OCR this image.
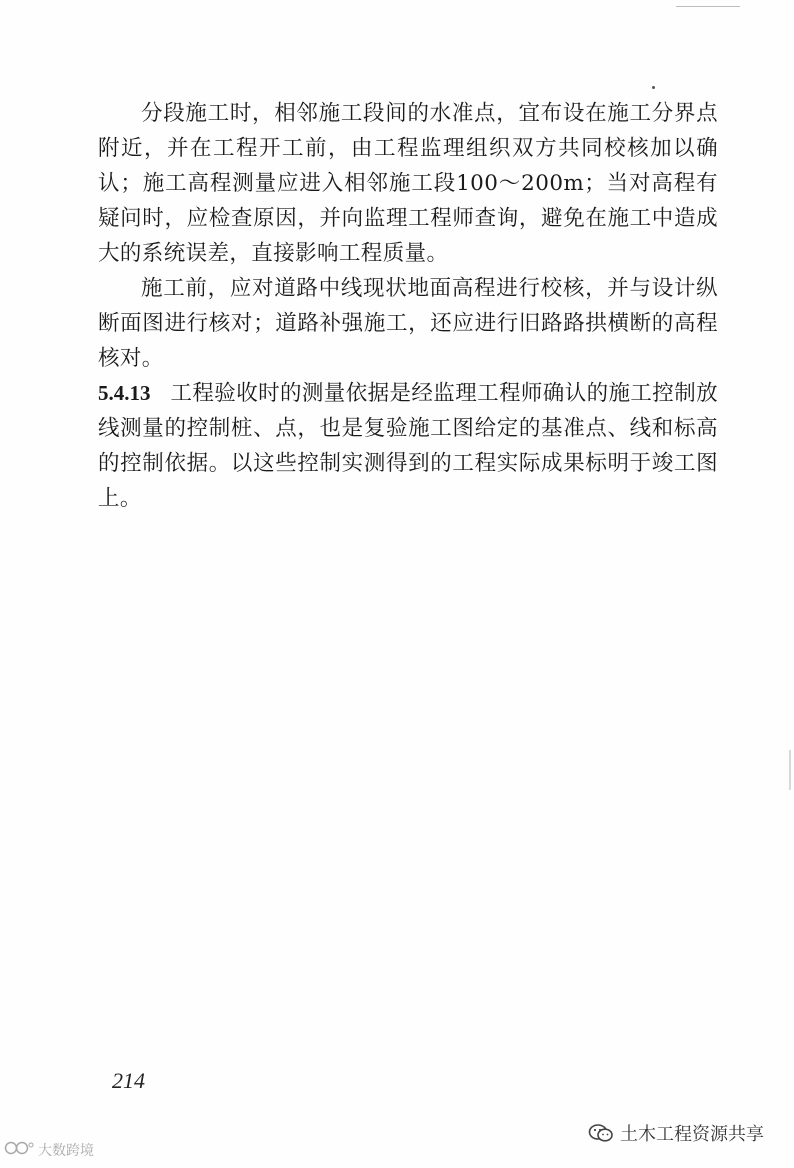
分段施工时，相邻施工段间的水准点，宜布设在施工分界点附近，并在工程开工前，由工程监理组织双方共同校核加以确认；施工高程测量应进入相邻施工段100～200m；当对高程有疑问时，应检查原因，并向监理工程师查询，避免在施工中造成大的系统误差，直接影响工程质量。

施工前，应对道路中线现状地面高程进行校核，并与设计纵断面图进行核对；道路补强施工，还应进行旧路路拱横断的高程核对。

5.4.13 工程验收时的测量依据是经监理工程师确认的施工控制放线测量的控制桩、点，也是复验施工图给定的基准点、线和标高的控制依据。以这些控制实测得到的工程实际成果标明于竣工图上。

214
大数跨境
土木工程资源共享
